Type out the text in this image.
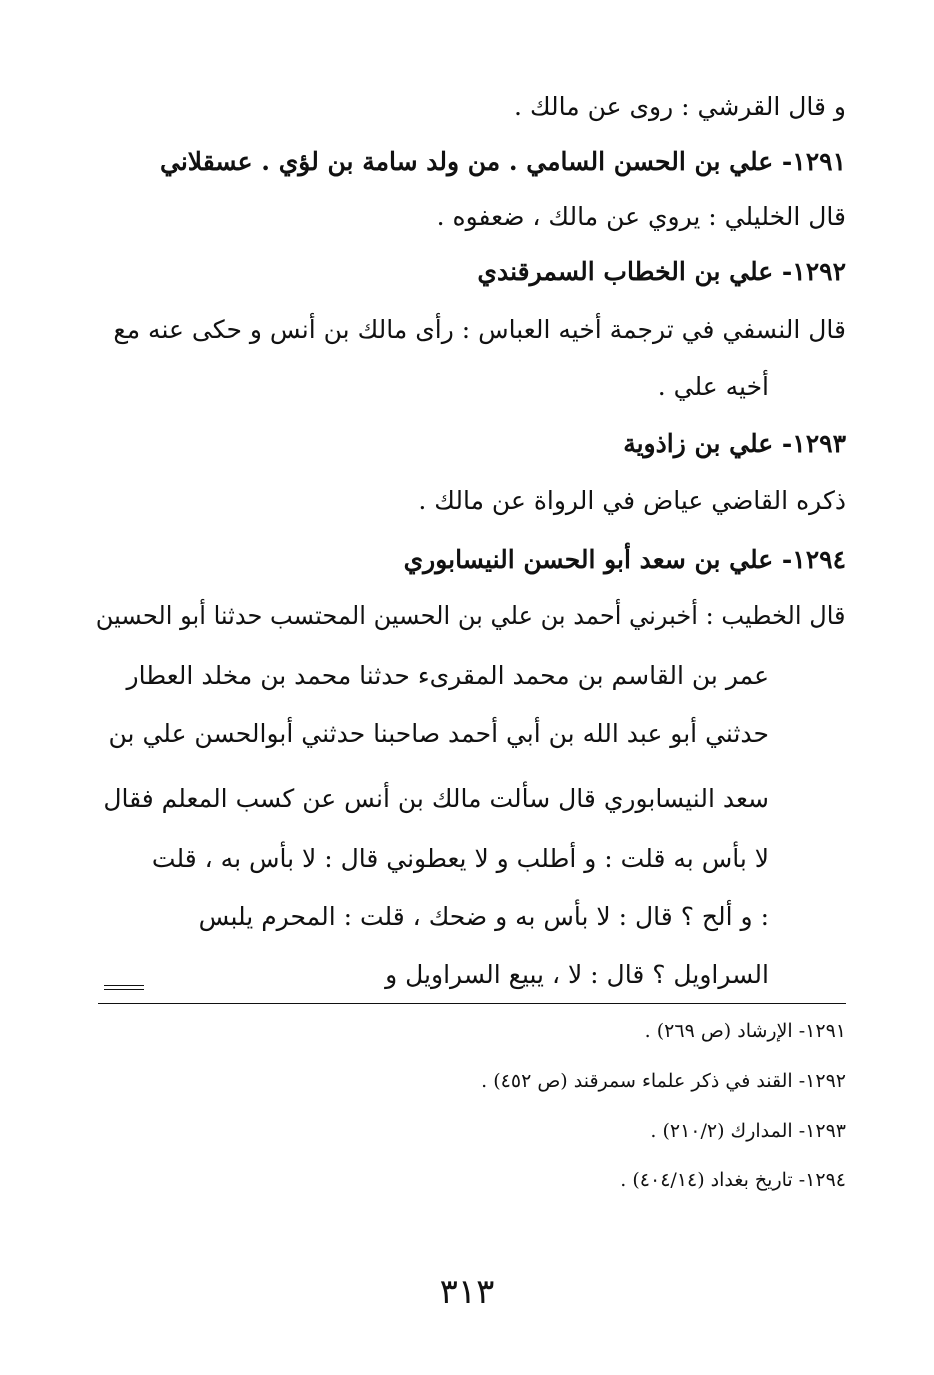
و قال القرشي : روى عن مالك .
١٢٩١- علي بن الحسن السامي . من ولد سامة بن لؤي . عسقلاني
قال الخليلي : يروي عن مالك ، ضعفوه .
١٢٩٢- علي بن الخطاب السمرقندي
قال النسفي في ترجمة أخيه العباس : رأى مالك بن أنس و حكى عنه مع
أخيه علي .
١٢٩٣- علي بن زاذوية
ذكره القاضي عياض في الرواة عن مالك .
١٢٩٤- علي بن سعد أبو الحسن النيسابوري
قال الخطيب : أخبرني أحمد بن علي بن الحسين المحتسب حدثنا أبو الحسين
عمر بن القاسم بن محمد المقرىء حدثنا محمد بن مخلد العطار
حدثني أبو عبد الله بن أبي أحمد صاحبنا حدثني أبوالحسن علي بن
سعد النيسابوري قال سألت مالك بن أنس عن كسب المعلم فقال
لا بأس به قلت : و أطلب و لا يعطوني قال : لا بأس به ، قلت
: و ألح ؟ قال : لا بأس به و ضحك ، قلت : المحرم يلبس
السراويل ؟ قال : لا ، يبيع السراويل و
١٢٩١- الإرشاد (ص ٢٦٩) .
١٢٩٢- القند في ذكر علماء سمرقند (ص ٤٥٢) .
١٢٩٣- المدارك (٢١٠/٢) .
١٢٩٤- تاريخ بغداد (٤٠٤/١٤) .
٣١٣
